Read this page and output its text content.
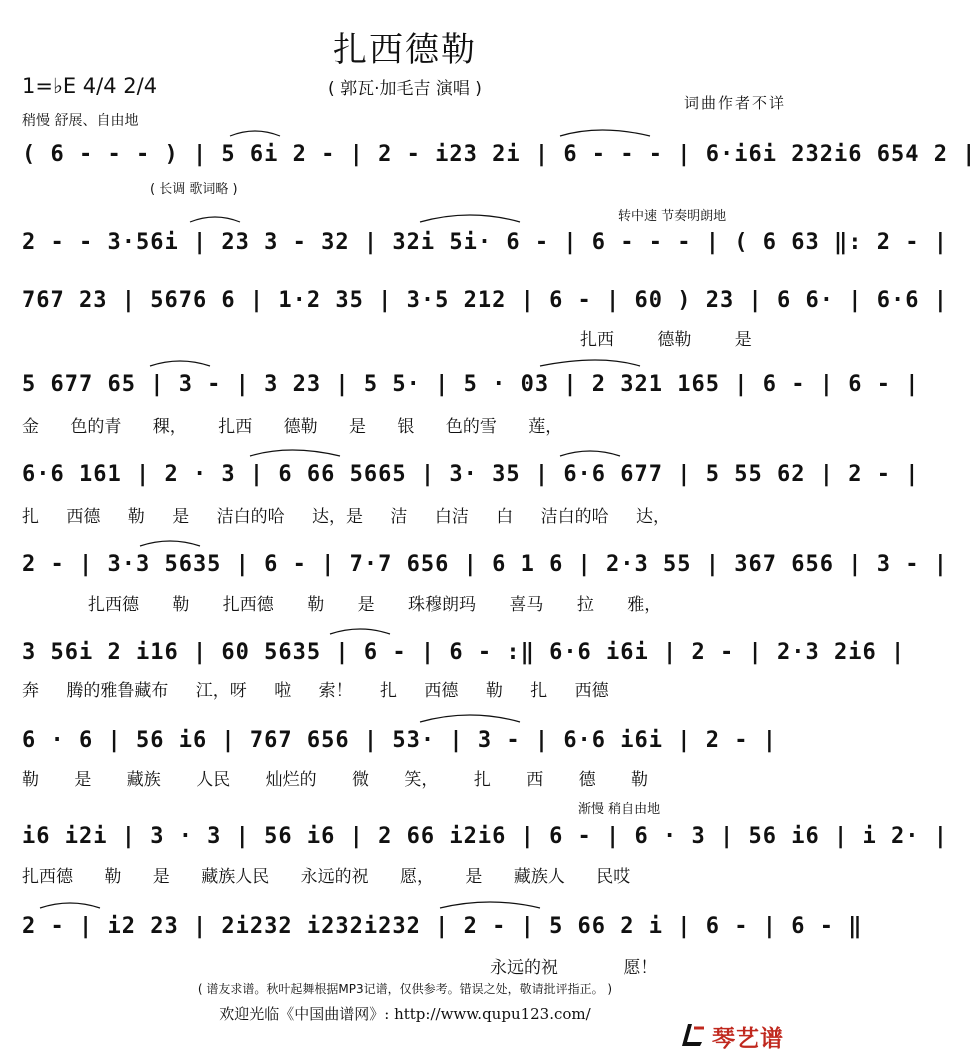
扎西德勒
( 郭瓦·加毛吉 演唱 )
1=♭E 4/4 2/4
稍慢 舒展、自由地
词曲作者不详
( 6 - - - ) | 5 6i 2 - | 2 - i23 2i | 6 - - - | 6·i6i 2̇32i6 654 2 |
( 长调 歌词略 )
转中速 节奏明朗地
2 - - 3·56i | 23 3 - 32 | 32i 5i· 6 - | 6 - - - | ( 6 63 ‖: 2 - |
767 23 | 5676 6 | 1·2 35 | 3·5 212 | 6 - | 60 ) 23 | 6 6· | 6·6 |
扎西 德勒 是
5 677 65 | 3 - | 3 23 | 5 5· | 5 · 03 | 2 321 165 | 6 - | 6 - |
金 色的青 稞， 扎西 德勒 是 银 色的雪 莲，
6·6 161 | 2 · 3 | 6 66 5665 | 3· 35 | 6·6 677 | 5 55 62 | 2 - |
扎 西德 勒 是 洁白的哈 达，是 洁 白洁 白 洁白的哈 达，
2 - | 3·3 5635 | 6 - | 7·7 656 | 6 1 6 | 2·3 55 | 367 656 | 3 - |
扎西德 勒 扎西德 勒 是 珠穆朗玛 喜马 拉 雅，
3 56i 2 i16 | 60 5635 | 6 - | 6 - :‖ 6·6 i6i | 2 - | 2·3 2i6 |
奔 腾的雅鲁藏布 江，呀 啦 索！ 扎 西德 勒 扎 西德
6 · 6 | 56 i6 | 767 656 | 53· | 3 - | 6·6 i6i | 2 - |
勒 是 藏族 人民 灿烂的 微 笑， 扎 西 德 勒
渐慢 稍自由地
i6 i2i | 3 · 3 | 56 i6 | 2 66 i2i6 | 6 - | 6 · 3 | 56 i6 | i 2· |
扎西德 勒 是 藏族人民 永远的祝 愿， 是 藏族人 民哎
2 - | i2 23 | 2i232 i232i232 | 2 - | 5 66 2 i | 6 - | 6 - ‖
永远的祝 愿！
( 谱友求谱。秋叶起舞根据MP3记谱，仅供参考。错误之处，敬请批评指正。 )
欢迎光临《中国曲谱网》: http://www.qupu123.com/
琴艺谱
